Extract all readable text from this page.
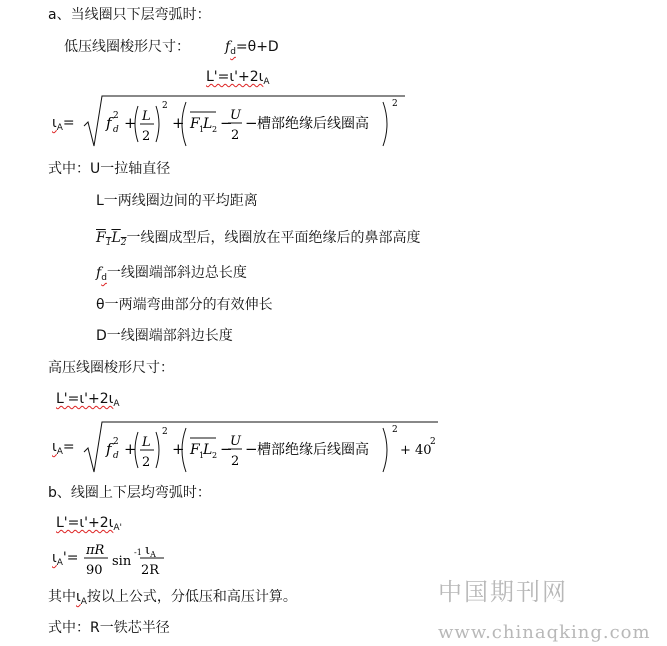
a、当线圈只下层弯弧时：
低压线圈梭形尺寸：	$f_d=\theta+D$
$L'=\iota'+2\iota_A$
$\iota_A= f$ 2
d + L
2
2
+ F 1
L 2 −
U
2
− 槽部绝缘后线圈高
2
式中：U一拉轴直径
L一两线圈边间的平均距离
$F_1L_2$一线圈成型后，线圈放在平面绝缘后的鼻部高度
$f_d$一线圈端部斜边总长度
θ一两端弯曲部分的有效伸长
D一线圈端部斜边长度
高压线圈梭形尺寸：
$L'=\iota'+2\iota_A$
$\iota_A= f$ 2
d + L
2
2
+ F 1
L 2 −
U
2
− 槽部绝缘后线圈高
2
+ 40
2
b、线圈上下层均弯弧时：
$L'=\iota'+2\iota_{A'}$
$\iota_A'= \pi R$
90
sin
-1 $\iota_A$
2R
其中$\iota_A$按以上公式，分低压和高压计算。
式中：R一铁芯半径
中国期刊网
www.chinaqking.com
